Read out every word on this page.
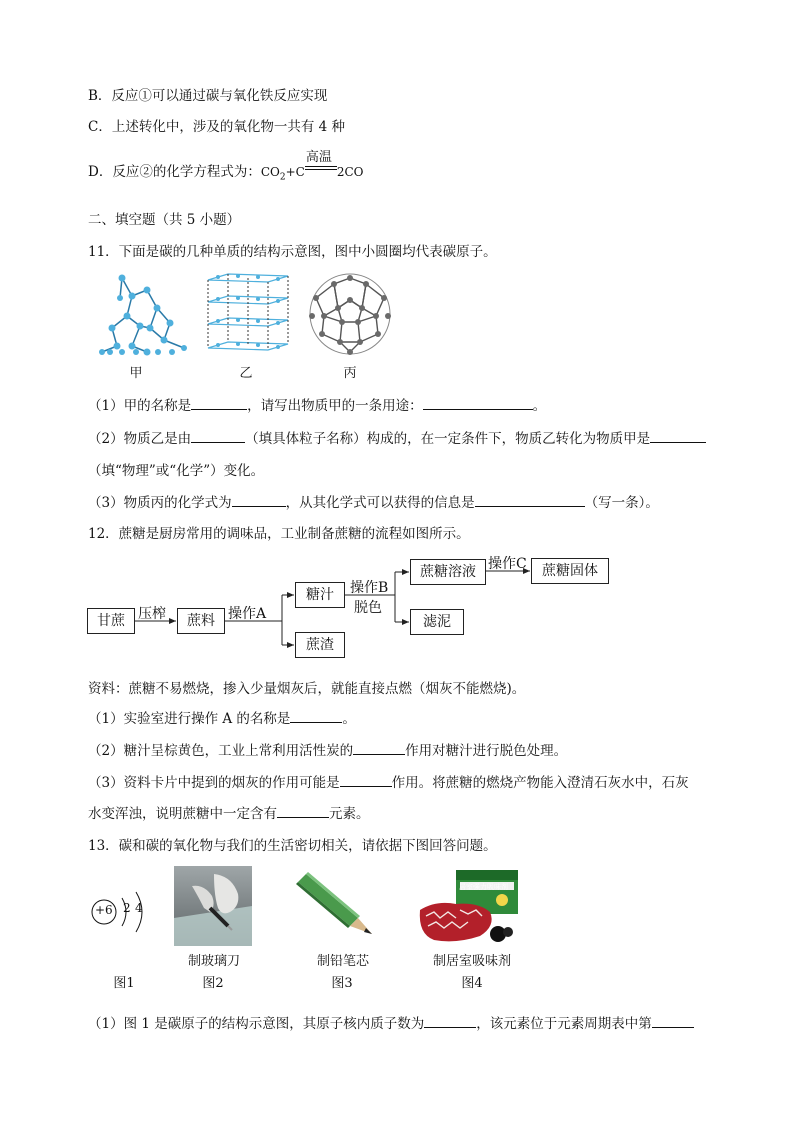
B．反应①可以通过碳与氧化铁反应实现
C．上述转化中，涉及的氧化物一共有 4 种
D．反应②的化学方程式为：$CO_2+C$
高温
2CO
二、填空题（共 5 小题）
11．下面是碳的几种单质的结构示意图，图中小圆圈均代表碳原子。
甲	乙	丙
（1）甲的名称是	，请写出物质甲的一条用途：	。
（2）物质乙是由	（填具体粒子名称）构成的，在一定条件下，物质乙转化为物质甲是
（填“物理”或“化学”）变化。
（3）物质丙的化学式为	，从其化学式可以获得的信息是	（写一条）。
12．蔗糖是厨房常用的调味品，工业制备蔗糖的流程如图所示。
甘蔗	蔗料
糖汁
蔗渣
蔗糖溶液
滤泥
蔗糖固体
压榨	操作A
操作B
脱色
操作C
资料：蔗糖不易燃烧，掺入少量烟灰后，就能直接点燃（烟灰不能燃烧)。
（1）实验室进行操作 A 的名称是	。
（2）糖汁呈棕黄色，工业上常利用活性炭的	作用对糖汁进行脱色处理。
（3）资料卡片中提到的烟灰的作用可能是	作用。将蔗糖的燃烧产物能入澄清石灰水中，石灰
水变浑浊，说明蔗糖中一定含有	元素。
13．碳和碳的氧化物与我们的生活密切相关，请依据下图回答问题。
+6 2 4
制玻璃刀	制铅笔芯
居室强力吸味剂
制居室吸味剂
图1	图2	图3	图4
（1）图 1 是碳原子的结构示意图，其原子核内质子数为	，该元素位于元素周期表中第
